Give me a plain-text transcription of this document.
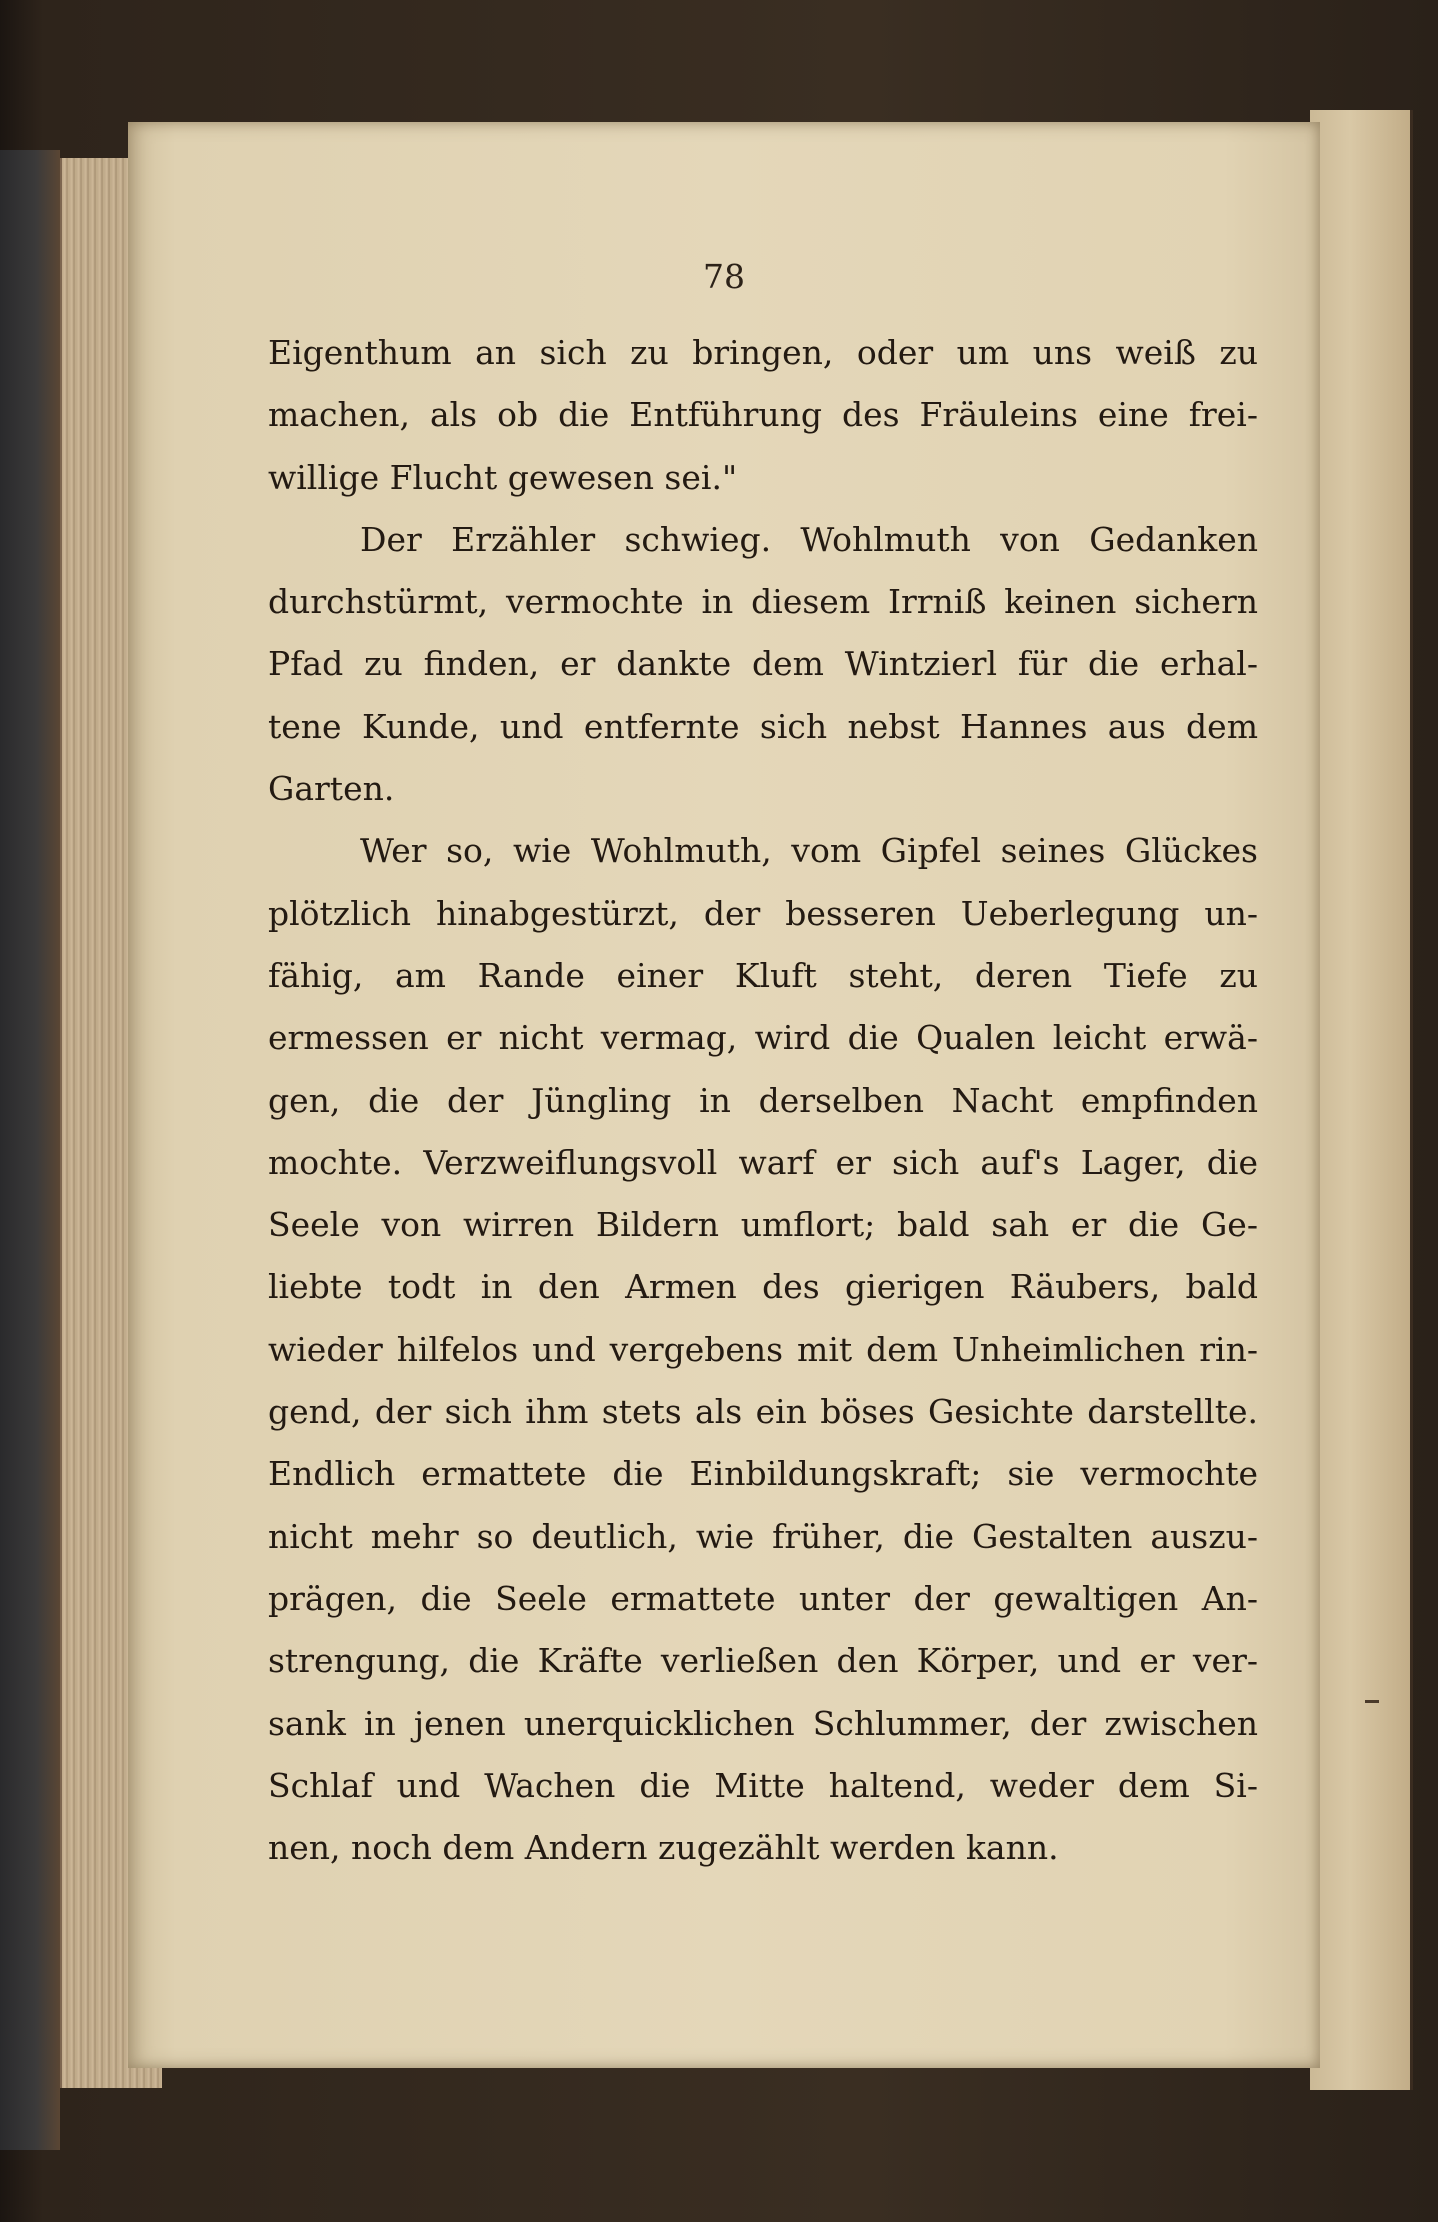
78
Eigenthum an sich zu bringen, oder um uns weiß zu
machen, als ob die Entführung des Fräuleins eine frei-
willige Flucht gewesen sei."
Der Erzähler schwieg. Wohlmuth von Gedanken
durchstürmt, vermochte in diesem Irrniß keinen sichern
Pfad zu finden, er dankte dem Wintzierl für die erhal-
tene Kunde, und entfernte sich nebst Hannes aus dem
Garten.
Wer so, wie Wohlmuth, vom Gipfel seines Glückes
plötzlich hinabgestürzt, der besseren Ueberlegung un-
fähig, am Rande einer Kluft steht, deren Tiefe zu
ermessen er nicht vermag, wird die Qualen leicht erwä-
gen, die der Jüngling in derselben Nacht empfinden
mochte. Verzweiflungsvoll warf er sich auf's Lager, die
Seele von wirren Bildern umflort; bald sah er die Ge-
liebte todt in den Armen des gierigen Räubers, bald
wieder hilfelos und vergebens mit dem Unheimlichen rin-
gend, der sich ihm stets als ein böses Gesichte darstellte.
Endlich ermattete die Einbildungskraft; sie vermochte
nicht mehr so deutlich, wie früher, die Gestalten auszu-
prägen, die Seele ermattete unter der gewaltigen An-
strengung, die Kräfte verließen den Körper, und er ver-
sank in jenen unerquicklichen Schlummer, der zwischen
Schlaf und Wachen die Mitte haltend, weder dem Si-
nen, noch dem Andern zugezählt werden kann.
